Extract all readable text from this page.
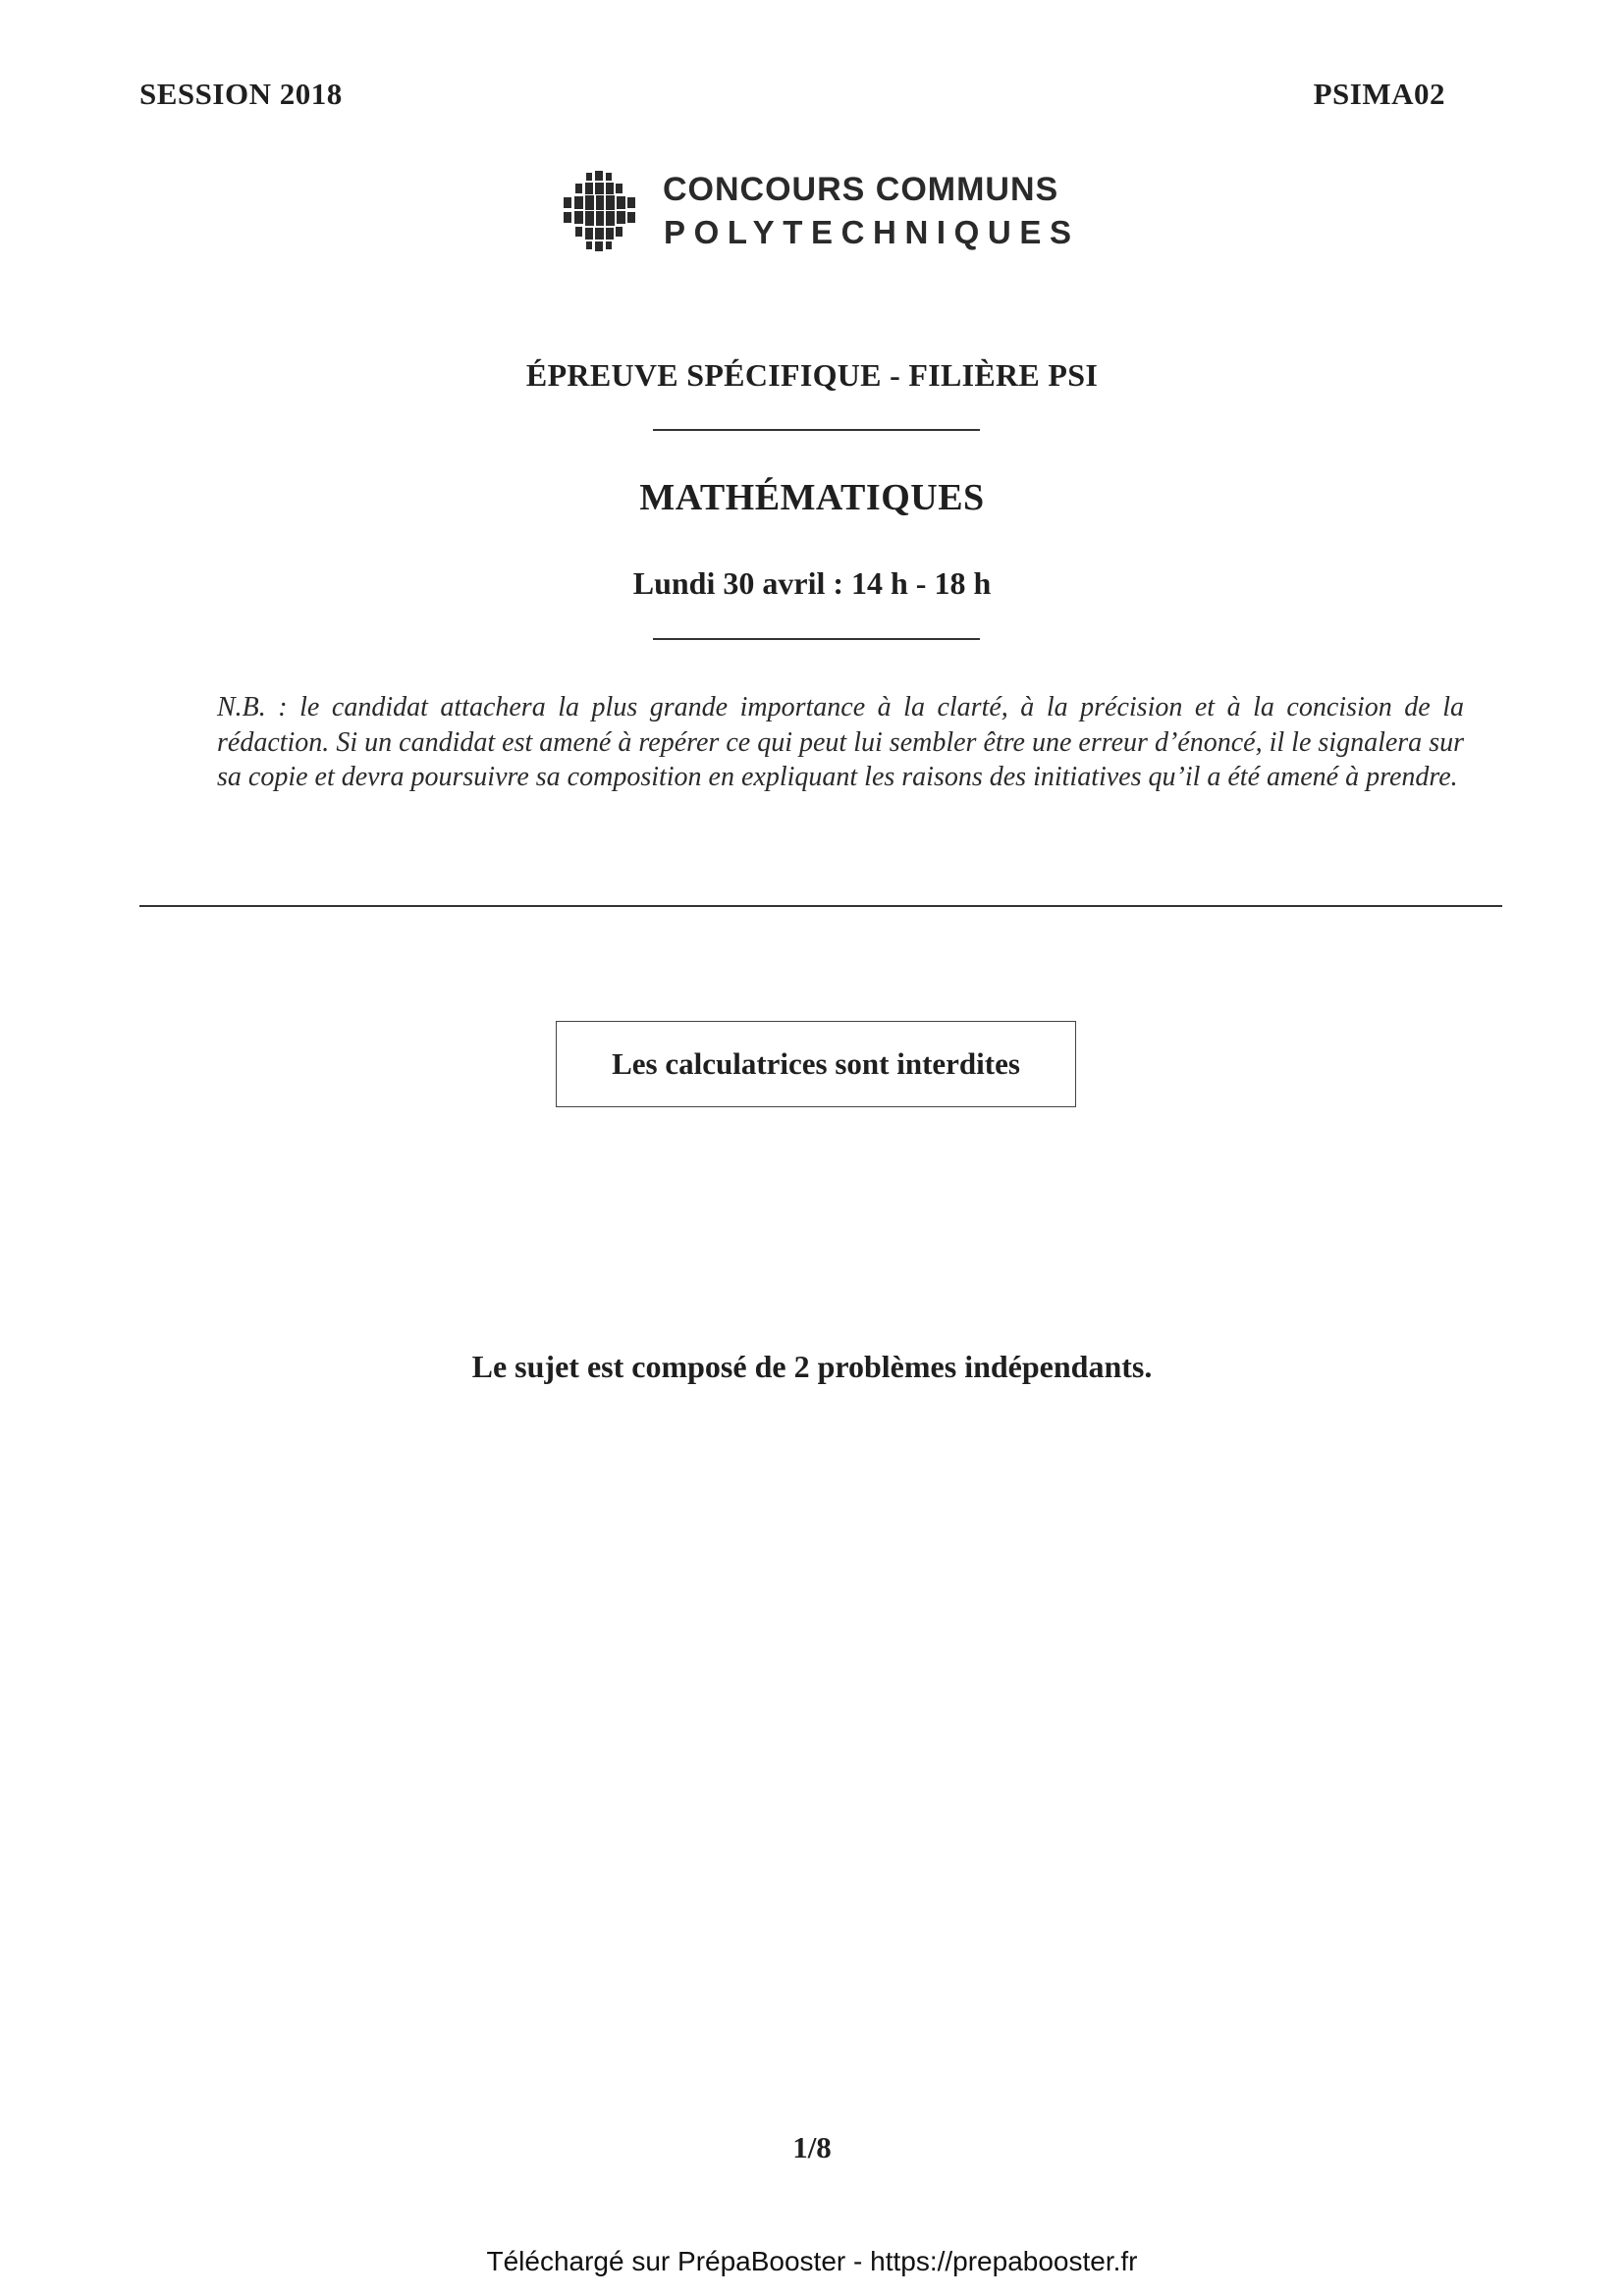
SESSION 2018	PSIMA02
CONCOURS COMMUNS
POLYTECHNIQUES
ÉPREUVE SPÉCIFIQUE - FILIÈRE PSI
MATHÉMATIQUES
Lundi 30 avril : 14 h - 18 h
N.B. : le candidat attachera la plus grande importance à la clarté, à la précision et à la concision de la rédaction. Si un candidat est amené à repérer ce qui peut lui sembler être une erreur d’énoncé, il le signalera sur sa copie et devra poursuivre sa composition en expliquant les raisons des initiatives qu’il a été amené à prendre.
Les calculatrices sont interdites
Le sujet est composé de 2 problèmes indépendants.
1/8
Téléchargé sur PrépaBooster - https://prepabooster.fr
